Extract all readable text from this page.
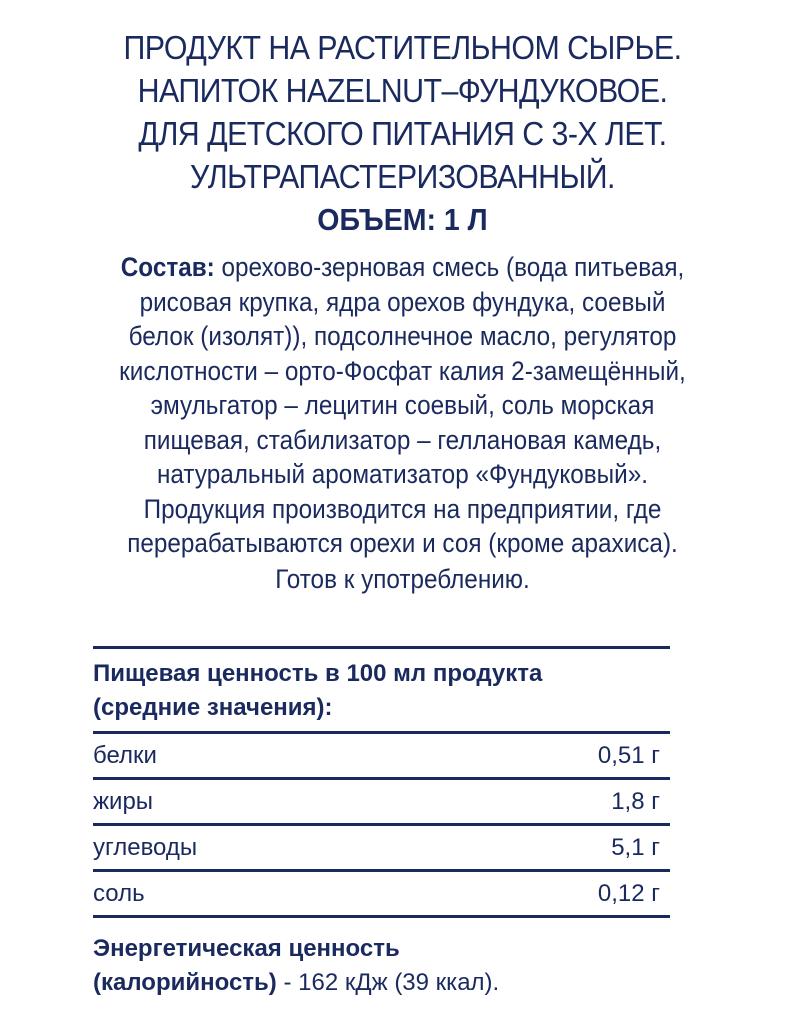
ПРОДУКТ НА РАСТИТЕЛЬНОМ СЫРЬЕ.
НАПИТОК HAZELNUT–ФУНДУКОВОЕ.
ДЛЯ ДЕТСКОГО ПИТАНИЯ С 3-Х ЛЕТ.
УЛЬТРАПАСТЕРИЗОВАННЫЙ.
ОБЪЕМ: 1 Л
Состав: орехово-зерновая смесь (вода питьевая,
рисовая крупка, ядра орехов фундука, соевый
белок (изолят)), подсолнечное масло, регулятор
кислотности – орто-Фосфат калия 2-замещённый,
эмульгатор – лецитин соевый, соль морская
пищевая, стабилизатор – геллановая камедь,
натуральный ароматизатор «Фундуковый».
Продукция производится на предприятии, где
перерабатываются орехи и соя (кроме арахиса).
Готов к употреблению.
Пищевая ценность в 100 мл продукта
(средние значения):
белки	0,51 г
жиры	1,8 г
углеводы	5,1 г
соль	0,12 г
Энергетическая ценность
(калорийность) - 162 кДж (39 ккал).
